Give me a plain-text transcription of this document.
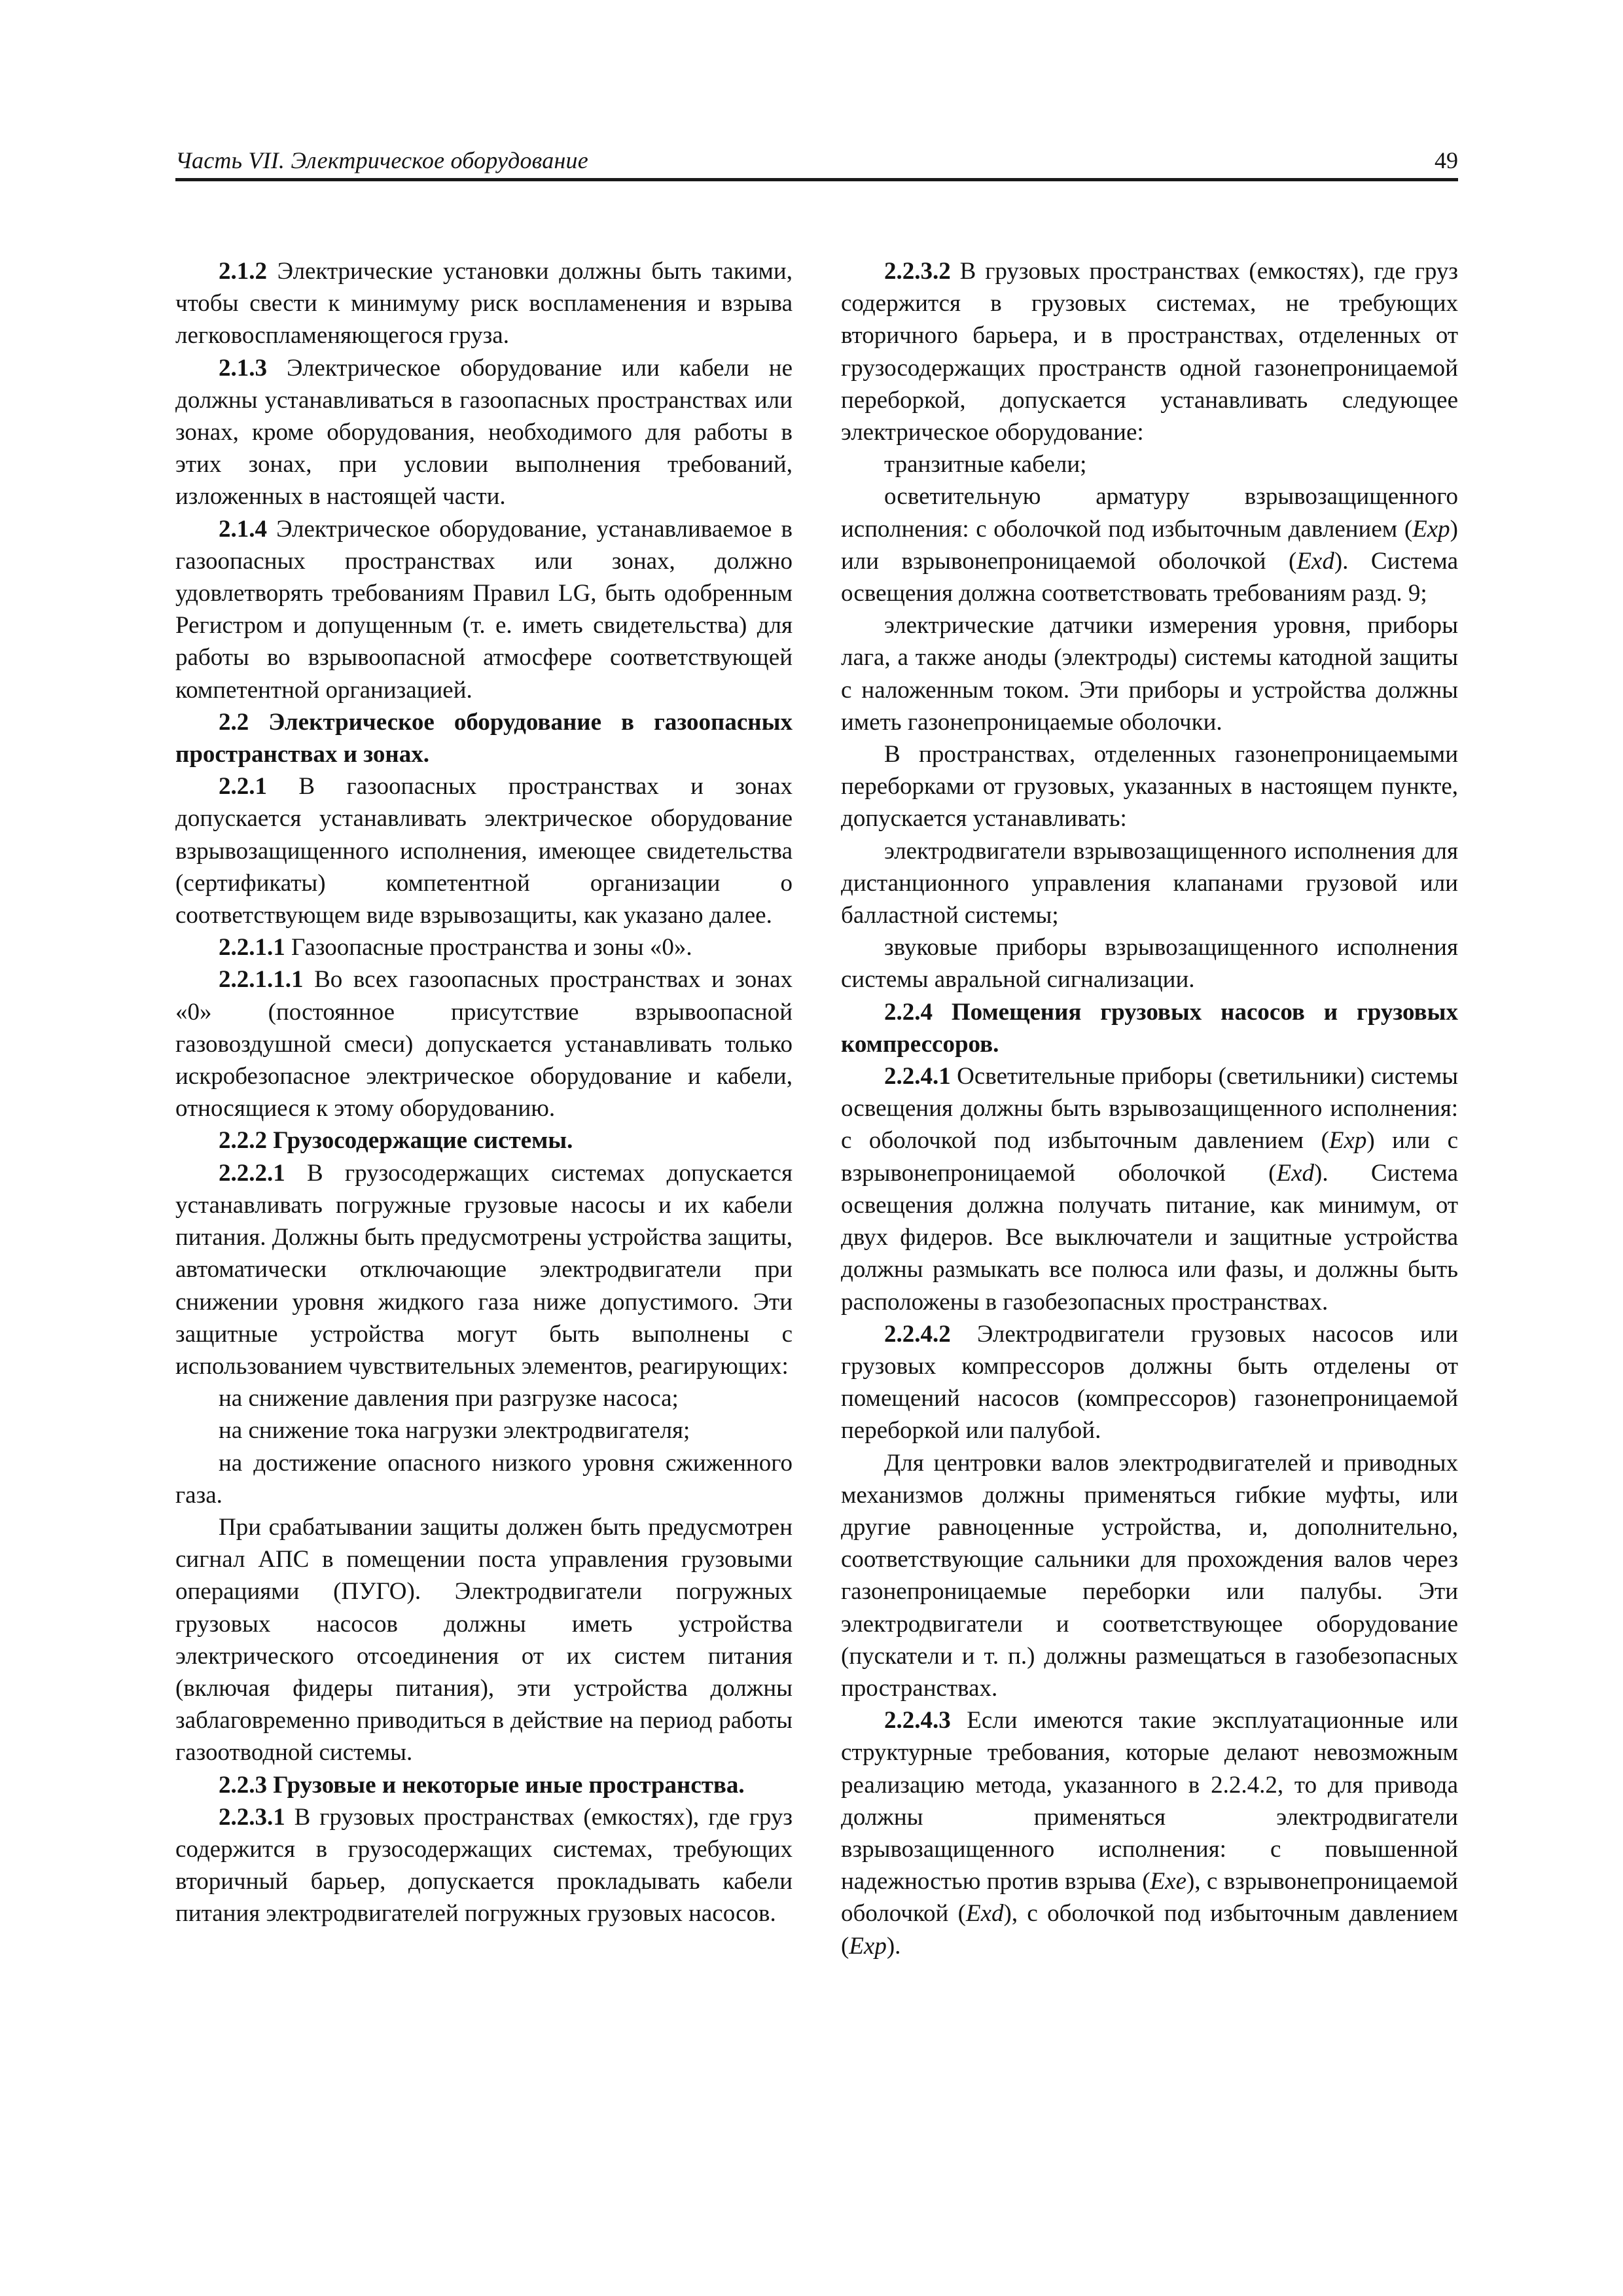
Часть VII. Электрическое оборудование	49

2.1.2 Электрические установки должны быть такими, чтобы свести к минимуму риск воспламенения и взрыва легковоспламеняющегося груза.

2.1.3 Электрическое оборудование или кабели не должны устанавливаться в газоопасных пространствах или зонах, кроме оборудования, необходимого для работы в этих зонах, при условии выполнения требований, изложенных в настоящей части.

2.1.4 Электрическое оборудование, устанавливаемое в газоопасных пространствах или зонах, должно удовлетворять требованиям Правил LG, быть одобренным Регистром и допущенным (т. е. иметь свидетельства) для работы во взрывоопасной атмосфере соответствующей компетентной организацией.

2.2 Электрическое оборудование в газоопасных пространствах и зонах.

2.2.1 В газоопасных пространствах и зонах допускается устанавливать электрическое оборудование взрывозащищенного исполнения, имеющее свидетельства (сертификаты) компетентной организации о соответствующем виде взрывозащиты, как указано далее.

2.2.1.1 Газоопасные пространства и зоны «0».

2.2.1.1.1 Во всех газоопасных пространствах и зонах «0» (постоянное присутствие взрывоопасной газовоздушной смеси) допускается устанавливать только искробезопасное электрическое оборудование и кабели, относящиеся к этому оборудованию.

2.2.2 Грузосодержащие системы.

2.2.2.1 В грузосодержащих системах допускается устанавливать погружные грузовые насосы и их кабели питания. Должны быть предусмотрены устройства защиты, автоматически отключающие электродвигатели при снижении уровня жидкого газа ниже допустимого. Эти защитные устройства могут быть выполнены с использованием чувствительных элементов, реагирующих:

на снижение давления при разгрузке насоса;

на снижение тока нагрузки электродвигателя;

на достижение опасного низкого уровня сжиженного газа.

При срабатывании защиты должен быть предусмотрен сигнал АПС в помещении поста управления грузовыми операциями (ПУГО). Электродвигатели погружных грузовых насосов должны иметь устройства электрического отсоединения от их систем питания (включая фидеры питания), эти устройства должны заблаговременно приводиться в действие на период работы газоотводной системы.

2.2.3 Грузовые и некоторые иные пространства.

2.2.3.1 В грузовых пространствах (емкостях), где груз содержится в грузосодержащих системах, требующих вторичный барьер, допускается прокладывать кабели питания электродвигателей погружных грузовых насосов.

2.2.3.2 В грузовых пространствах (емкостях), где груз содержится в грузовых системах, не требующих вторичного барьера, и в пространствах, отделенных от грузосодержащих пространств одной газонепроницаемой переборкой, допускается устанавливать следующее электрическое оборудование:

транзитные кабели;

осветительную арматуру взрывозащищенного исполнения: с оболочкой под избыточным давлением (Exp) или взрывонепроницаемой оболочкой (Exd). Система освещения должна соответствовать требованиям разд. 9;

электрические датчики измерения уровня, приборы лага, а также аноды (электроды) системы катодной защиты с наложенным током. Эти приборы и устройства должны иметь газонепроницаемые оболочки.

В пространствах, отделенных газонепроницаемыми переборками от грузовых, указанных в настоящем пункте, допускается устанавливать:

электродвигатели взрывозащищенного исполнения для дистанционного управления клапанами грузовой или балластной системы;

звуковые приборы взрывозащищенного исполнения системы авральной сигнализации.

2.2.4 Помещения грузовых насосов и грузовых компрессоров.

2.2.4.1 Осветительные приборы (светильники) системы освещения должны быть взрывозащищенного исполнения: с оболочкой под избыточным давлением (Exp) или с взрывонепроницаемой оболочкой (Exd). Система освещения должна получать питание, как минимум, от двух фидеров. Все выключатели и защитные устройства должны размыкать все полюса или фазы, и должны быть расположены в газобезопасных пространствах.

2.2.4.2 Электродвигатели грузовых насосов или грузовых компрессоров должны быть отделены от помещений насосов (компрессоров) газонепроницаемой переборкой или палубой.

Для центровки валов электродвигателей и приводных механизмов должны применяться гибкие муфты, или другие равноценные устройства, и, дополнительно, соответствующие сальники для прохождения валов через газонепроницаемые переборки или палубы. Эти электродвигатели и соответствующее оборудование (пускатели и т. п.) должны размещаться в газобезопасных пространствах.

2.2.4.3 Если имеются такие эксплуатационные или структурные требования, которые делают невозможным реализацию метода, указанного в 2.2.4.2, то для привода должны применяться электродвигатели взрывозащищенного исполнения: с повышенной надежностью против взрыва (Exe), с взрывонепроницаемой оболочкой (Exd), с оболочкой под избыточным давлением (Exp).
